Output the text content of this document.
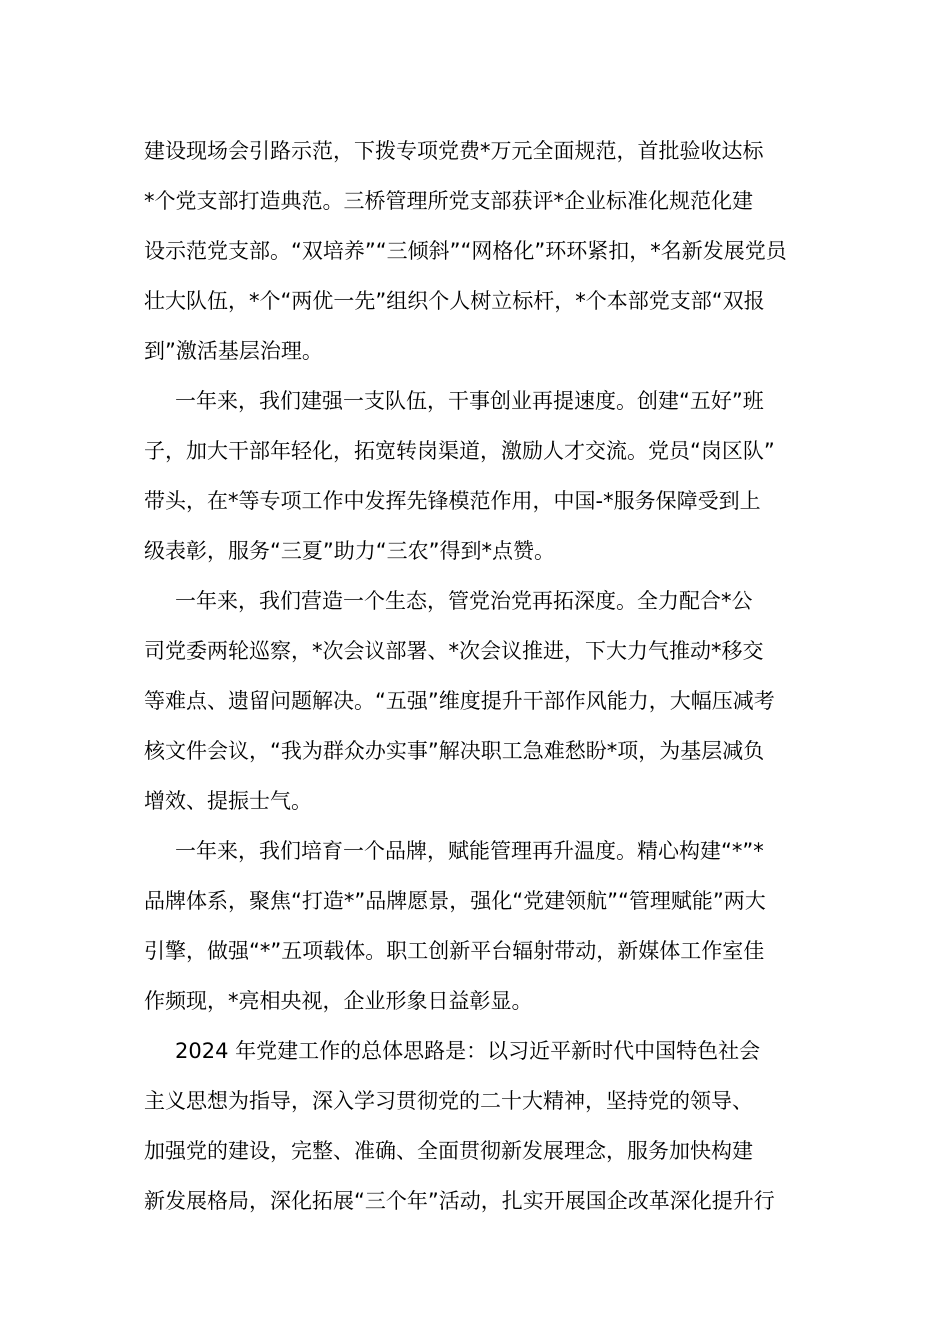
建设现场会引路示范，下拨专项党费*万元全面规范，首批验收达标
*个党支部打造典范。三桥管理所党支部获评*企业标准化规范化建
设示范党支部。“双培养”“三倾斜”“网格化”环环紧扣，*名新发展党员
壮大队伍，*个“两优一先”组织个人树立标杆，*个本部党支部“双报
到”激活基层治理。
一年来，我们建强一支队伍，干事创业再提速度。创建“五好”班
子，加大干部年轻化，拓宽转岗渠道，激励人才交流。党员“岗区队”
带头，在*等专项工作中发挥先锋模范作用，中国-*服务保障受到上
级表彰，服务“三夏”助力“三农”得到*点赞。
一年来，我们营造一个生态，管党治党再拓深度。全力配合*公
司党委两轮巡察，*次会议部署、*次会议推进，下大力气推动*移交
等难点、遗留问题解决。“五强”维度提升干部作风能力，大幅压减考
核文件会议，“我为群众办实事”解决职工急难愁盼*项，为基层减负
增效、提振士气。
一年来，我们培育一个品牌，赋能管理再升温度。精心构建“*”*
品牌体系，聚焦“打造*”品牌愿景，强化“党建领航”“管理赋能”两大
引擎，做强“*”五项载体。职工创新平台辐射带动，新媒体工作室佳
作频现，*亮相央视，企业形象日益彰显。
2024 年党建工作的总体思路是：以习近平新时代中国特色社会
主义思想为指导，深入学习贯彻党的二十大精神，坚持党的领导、
加强党的建设，完整、准确、全面贯彻新发展理念，服务加快构建
新发展格局，深化拓展“三个年”活动，扎实开展国企改革深化提升行
